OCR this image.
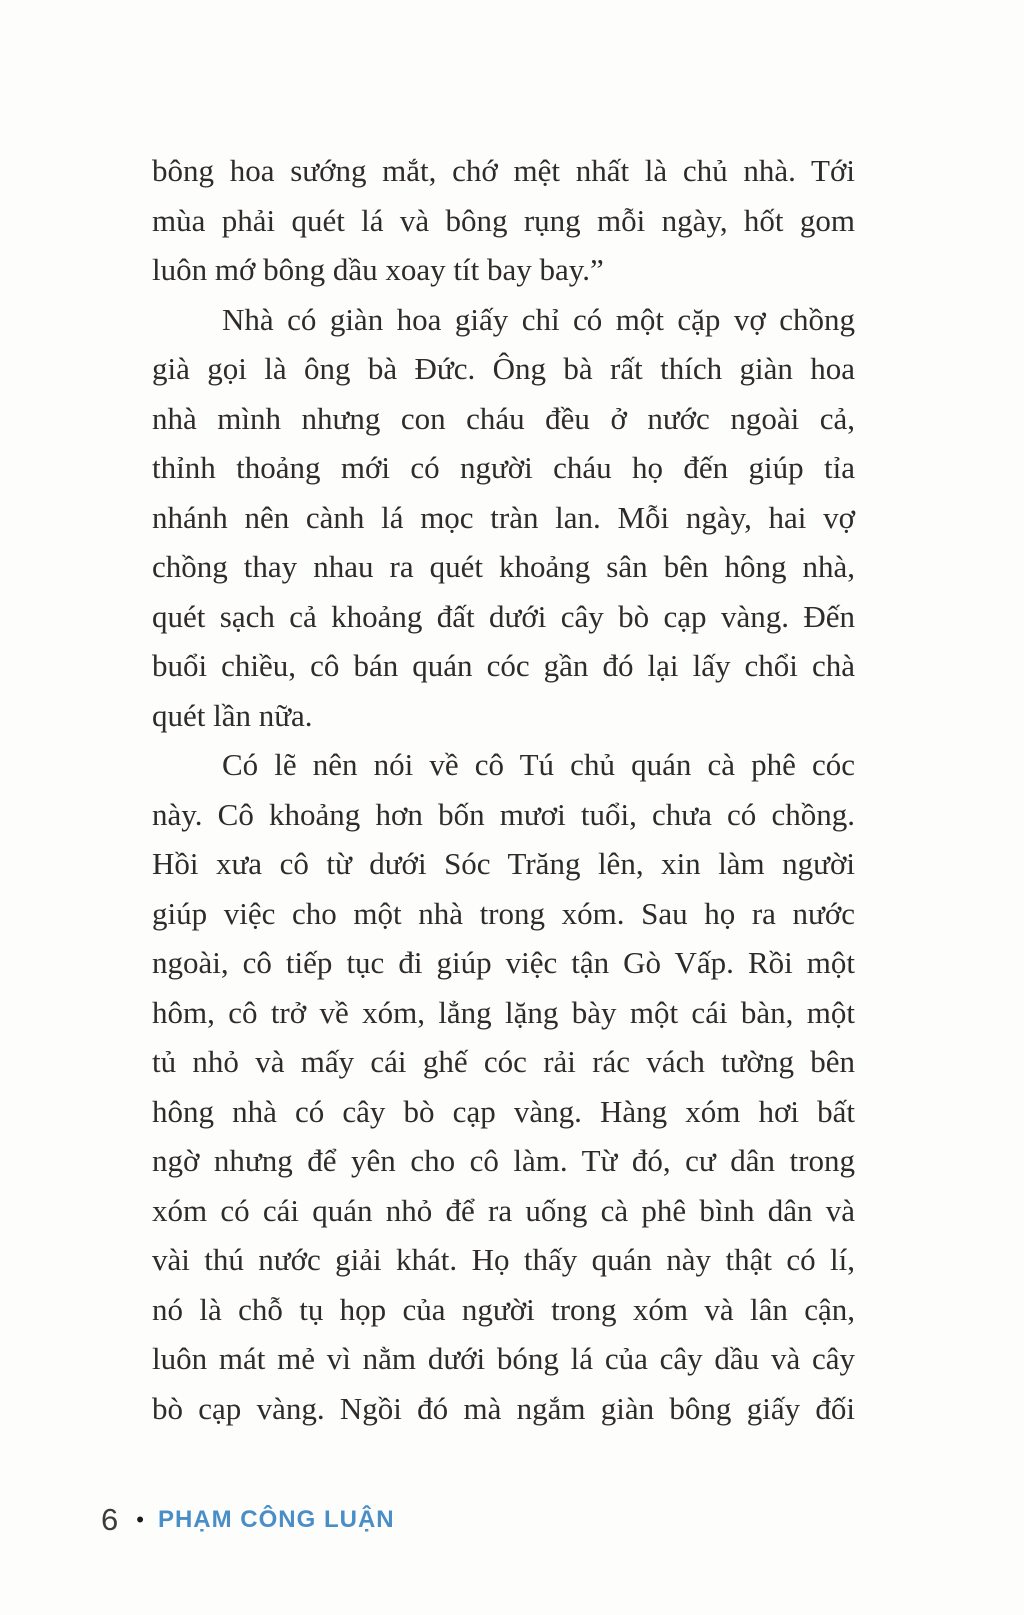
bông hoa sướng mắt, chớ mệt nhất là chủ nhà. Tới
mùa phải quét lá và bông rụng mỗi ngày, hốt gom
luôn mớ bông dầu xoay tít bay bay.”
Nhà có giàn hoa giấy chỉ có một cặp vợ chồng
già gọi là ông bà Đức. Ông bà rất thích giàn hoa
nhà mình nhưng con cháu đều ở nước ngoài cả,
thỉnh thoảng mới có người cháu họ đến giúp tỉa
nhánh nên cành lá mọc tràn lan. Mỗi ngày, hai vợ
chồng thay nhau ra quét khoảng sân bên hông nhà,
quét sạch cả khoảng đất dưới cây bò cạp vàng. Đến
buổi chiều, cô bán quán cóc gần đó lại lấy chổi chà
quét lần nữa.
Có lẽ nên nói về cô Tú chủ quán cà phê cóc
này. Cô khoảng hơn bốn mươi tuổi, chưa có chồng.
Hồi xưa cô từ dưới Sóc Trăng lên, xin làm người
giúp việc cho một nhà trong xóm. Sau họ ra nước
ngoài, cô tiếp tục đi giúp việc tận Gò Vấp. Rồi một
hôm, cô trở về xóm, lẳng lặng bày một cái bàn, một
tủ nhỏ và mấy cái ghế cóc rải rác vách tường bên
hông nhà có cây bò cạp vàng. Hàng xóm hơi bất
ngờ nhưng để yên cho cô làm. Từ đó, cư dân trong
xóm có cái quán nhỏ để ra uống cà phê bình dân và
vài thú nước giải khát. Họ thấy quán này thật có lí,
nó là chỗ tụ họp của người trong xóm và lân cận,
luôn mát mẻ vì nằm dưới bóng lá của cây dầu và cây
bò cạp vàng. Ngồi đó mà ngắm giàn bông giấy đối
6 • PHẠM CÔNG LUẬN
